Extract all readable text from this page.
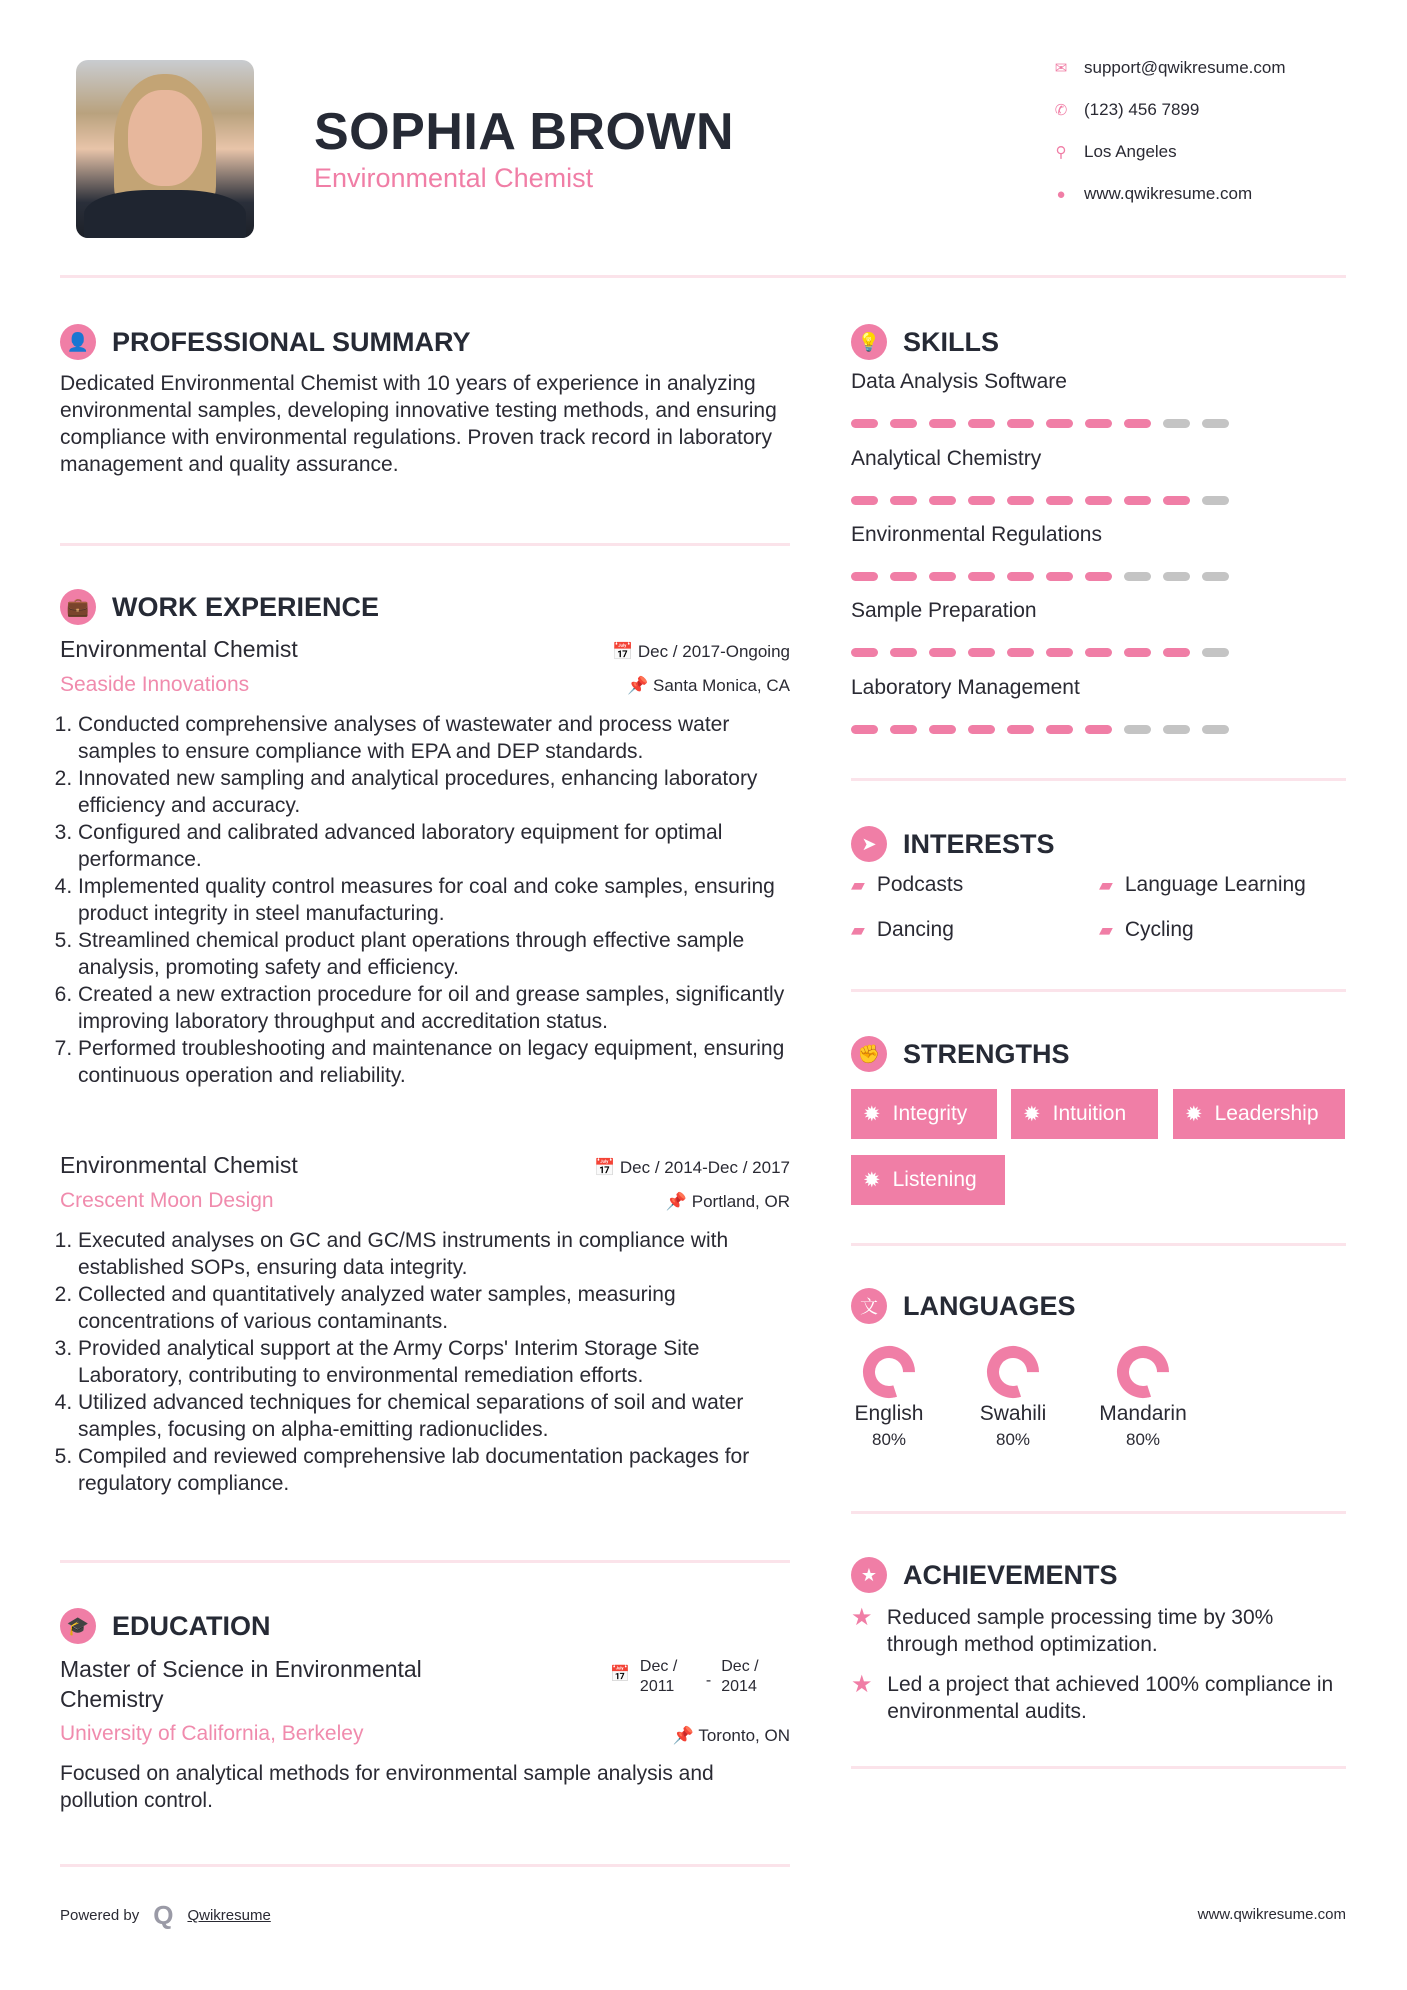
SOPHIA BROWN
Environmental Chemist
✉ support@qwikresume.com
✆ (123) 456 7899
⚲ Los Angeles
● www.qwikresume.com
👤 PROFESSIONAL SUMMARY
Dedicated Environmental Chemist with 10 years of experience in analyzing environmental samples, developing innovative testing methods, and ensuring compliance with environmental regulations. Proven track record in laboratory management and quality assurance.
💼 WORK EXPERIENCE
Environmental Chemist	📅 Dec / 2017-Ongoing
Seaside Innovations	📌 Santa Monica, CA
1. Conducted comprehensive analyses of wastewater and process water samples to ensure compliance with EPA and DEP standards.
2. Innovated new sampling and analytical procedures, enhancing laboratory efficiency and accuracy.
3. Configured and calibrated advanced laboratory equipment for optimal performance.
4. Implemented quality control measures for coal and coke samples, ensuring product integrity in steel manufacturing.
5. Streamlined chemical product plant operations through effective sample analysis, promoting safety and efficiency.
6. Created a new extraction procedure for oil and grease samples, significantly improving laboratory throughput and accreditation status.
7. Performed troubleshooting and maintenance on legacy equipment, ensuring continuous operation and reliability.
Environmental Chemist	📅 Dec / 2014-Dec / 2017
Crescent Moon Design	📌 Portland, OR
1. Executed analyses on GC and GC/MS instruments in compliance with established SOPs, ensuring data integrity.
2. Collected and quantitatively analyzed water samples, measuring concentrations of various contaminants.
3. Provided analytical support at the Army Corps' Interim Storage Site Laboratory, contributing to environmental remediation efforts.
4. Utilized advanced techniques for chemical separations of soil and water samples, focusing on alpha-emitting radionuclides.
5. Compiled and reviewed comprehensive lab documentation packages for regulatory compliance.
🎓 EDUCATION
Master of Science in Environmental Chemistry
📅 Dec / 2011	-
Dec / 2014
University of California, Berkeley	📌 Toronto, ON
Focused on analytical methods for environmental sample analysis and pollution control.
Powered by Q Qwikresume	www.qwikresume.com
💡 SKILLS
Data Analysis Software
Analytical Chemistry
Environmental Regulations
Sample Preparation
Laboratory Management
➤ INTERESTS
▰ Podcasts	▰ Language Learning
▰ Dancing	▰ Cycling
✊ STRENGTHS
✹ Integrity	✹ Intuition	✹ Leadership
✹ Listening
文 LANGUAGES
English
80%
Swahili
80%
Mandarin
80%
★ ACHIEVEMENTS
★ Reduced sample processing time by 30% through method optimization.
★ Led a project that achieved 100% compliance in environmental audits.
